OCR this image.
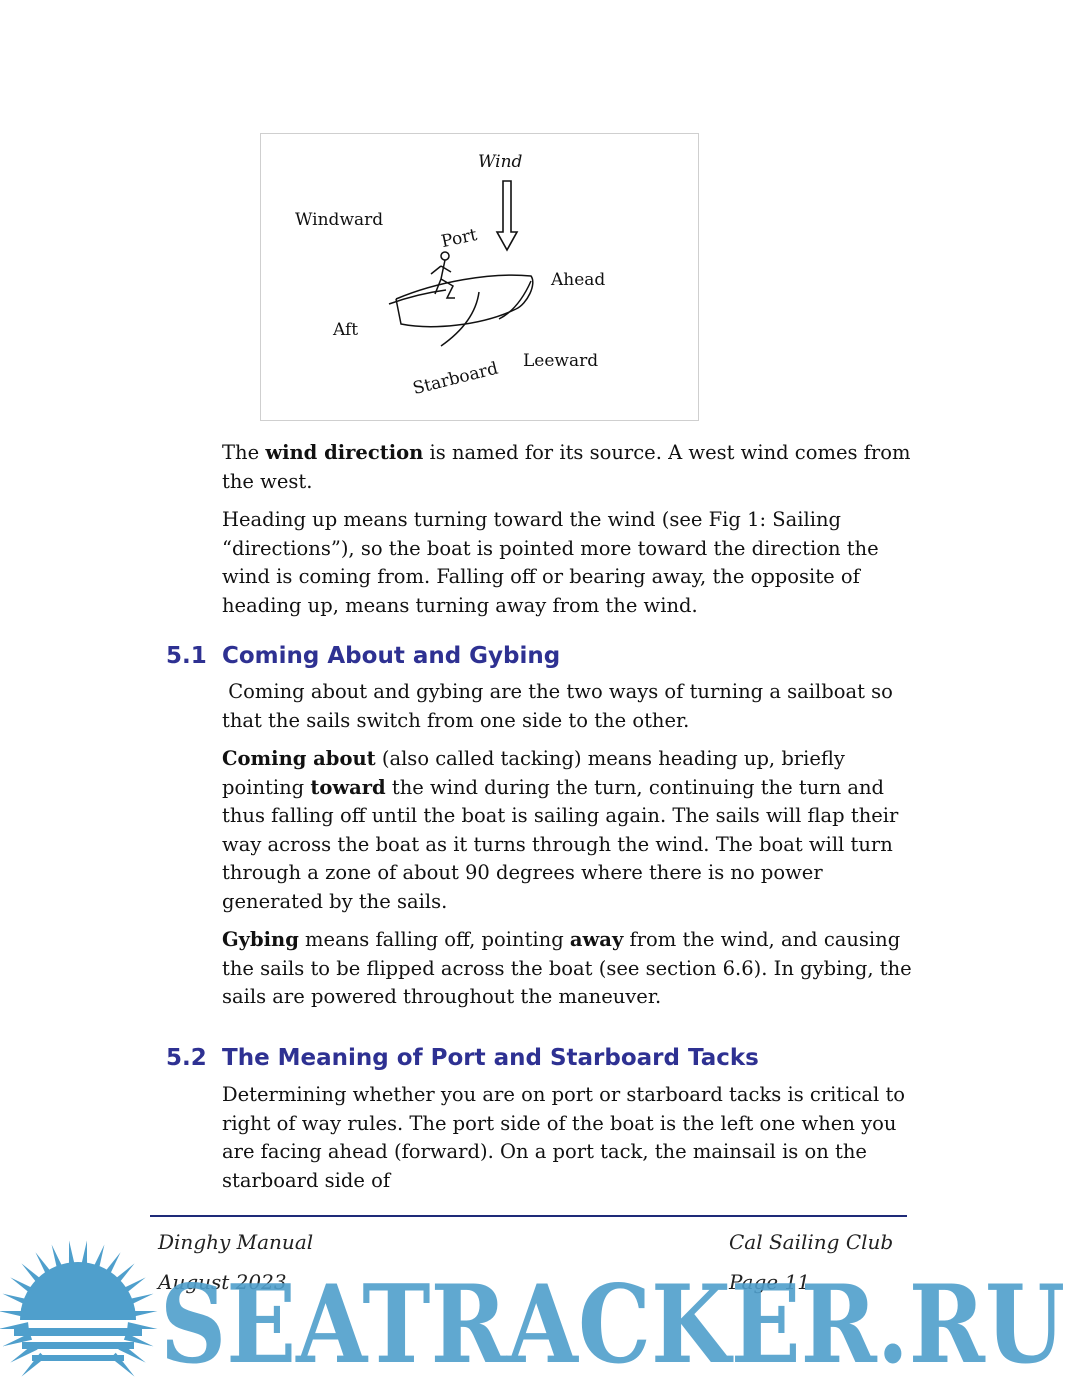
Wind
Windward
Port
Ahead
Aft
Starboard Leeward

The wind direction is named for its source. A west wind comes from the west.

Heading up means turning toward the wind (see Fig 1: Sailing “directions”), so the boat is pointed more toward the direction the wind is coming from. Falling off or bearing away, the opposite of heading up, means turning away from the wind.

5.1 Coming About and Gybing

Coming about and gybing are the two ways of turning a sailboat so that the sails switch from one side to the other.

Coming about (also called tacking) means heading up, briefly pointing toward the wind during the turn, continuing the turn and thus falling off until the boat is sailing again. The sails will flap their way across the boat as it turns through the wind. The boat will turn through a zone of about 90 degrees where there is no power generated by the sails.

Gybing means falling off, pointing away from the wind, and causing the sails to be flipped across the boat (see section 6.6). In gybing, the sails are powered throughout the maneuver.

5.2 The Meaning of Port and Starboard Tacks

Determining whether you are on port or starboard tacks is critical to right of way rules. The port side of the boat is the left one when you are facing ahead (forward). On a port tack, the mainsail is on the starboard side of

Dinghy Manual
August 2023
Cal Sailing Club
Page 11
SEATRACKER.RU
